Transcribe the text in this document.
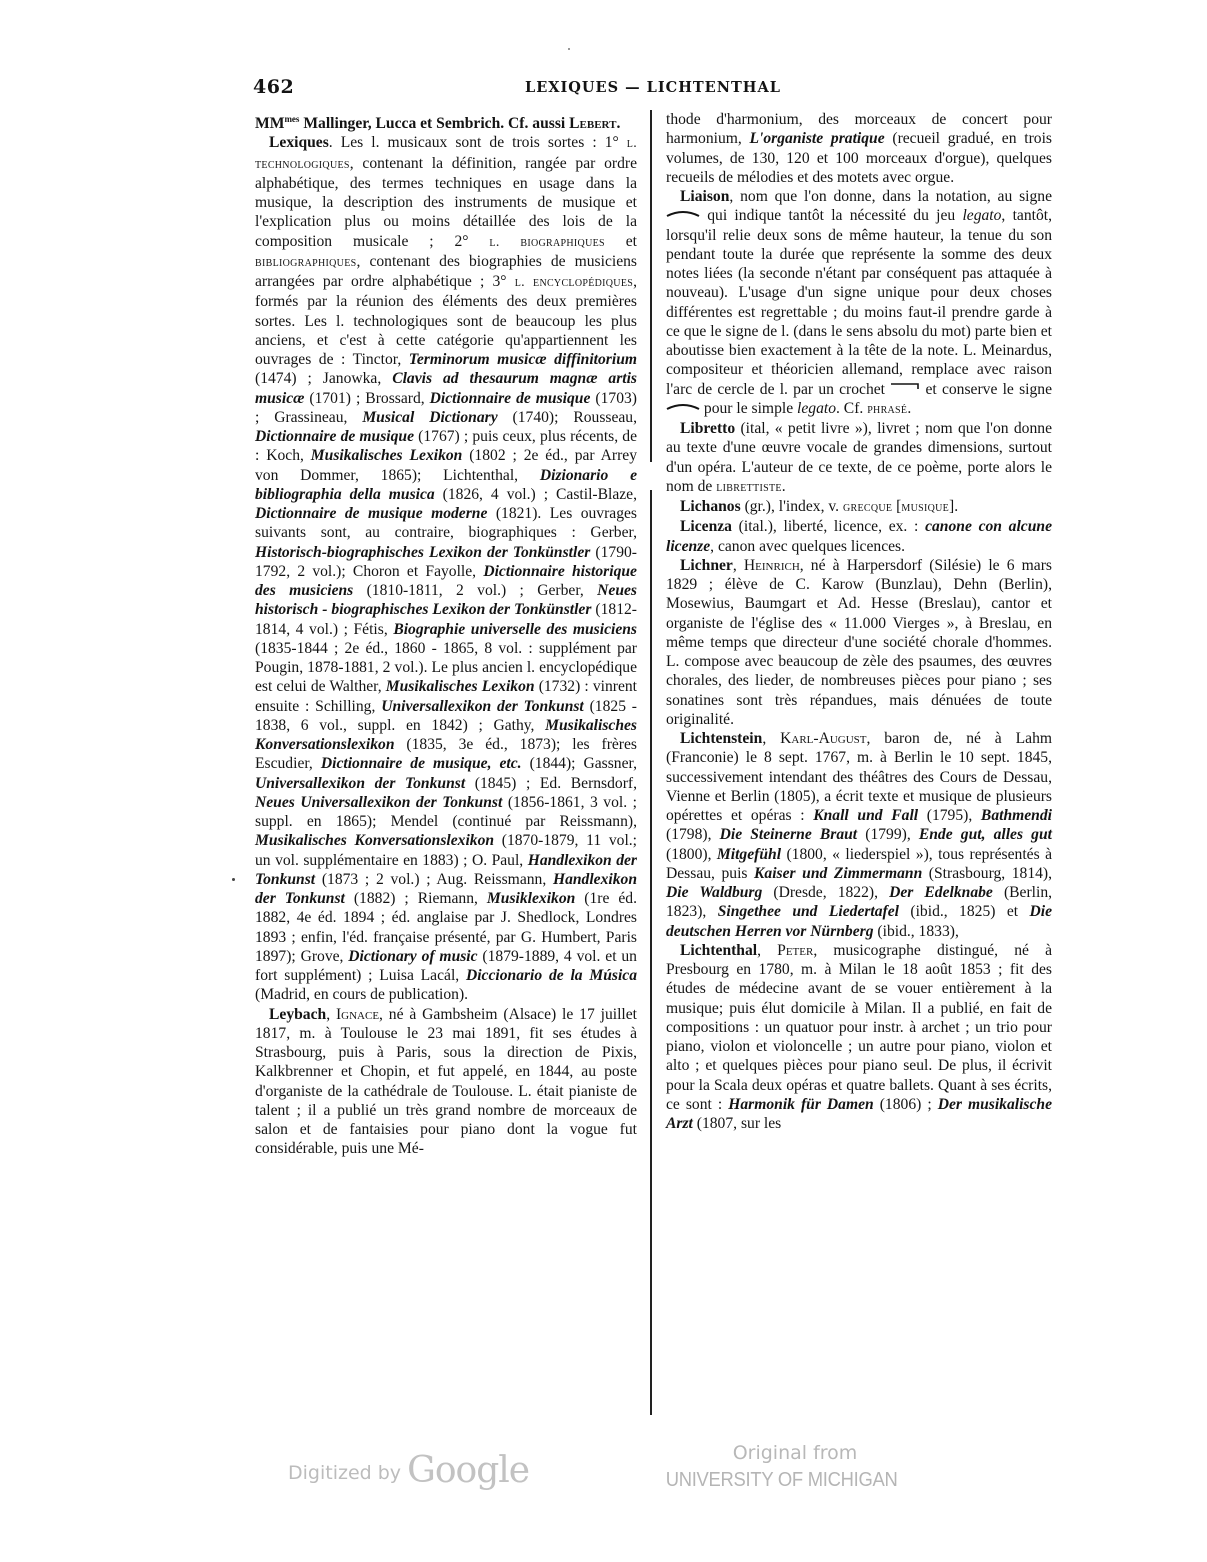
462	LEXIQUES — LICHTENTHAL

$MM^{mes}$ Mallinger, Lucca et Sembrich. Cf. aussi Lebert.

Lexiques. Les l. musicaux sont de trois sortes : 1° l. technologiques, contenant la définition, rangée par ordre alphabétique, des termes techniques en usage dans la musique, la description des instruments de musique et l'explication plus ou moins détaillée des lois de la composition musicale ; 2° l. biographiques et bibliographiques, contenant des biographies de musiciens arrangées par ordre alphabétique ; 3° l. encyclopédiques, formés par la réunion des éléments des deux premières sortes. Les l. technologiques sont de beaucoup les plus anciens, et c'est à cette catégorie qu'appartiennent les ouvrages de : Tinctor, Terminorum musicæ diffinitorium (1474) ; Janowka, Clavis ad thesaurum magnæ artis musicæ (1701) ; Brossard, Dictionnaire de musique (1703) ; Grassineau, Musical Dictionary (1740); Rousseau, Dictionnaire de musique (1767) ; puis ceux, plus récents, de : Koch, Musikalisches Lexikon (1802 ; 2e éd., par Arrey von Dommer, 1865); Lichtenthal, Dizionario e bibliographia della musica (1826, 4 vol.) ; Castil-Blaze, Dictionnaire de musique moderne (1821). Les ouvrages suivants sont, au contraire, biographiques : Gerber, Historisch-biographisches Lexikon der Tonkünstler (1790-1792, 2 vol.); Choron et Fayolle, Dictionnaire historique des musiciens (1810-1811, 2 vol.) ; Gerber, Neues historisch - biographisches Lexikon der Tonkünstler (1812-1814, 4 vol.) ; Fétis, Biographie universelle des musiciens (1835-1844 ; 2e éd., 1860 - 1865, 8 vol. : supplément par Pougin, 1878-1881, 2 vol.). Le plus ancien l. encyclopédique est celui de Walther, Musikalisches Lexikon (1732) : vinrent ensuite : Schilling, Universallexikon der Tonkunst (1825 - 1838, 6 vol., suppl. en 1842) ; Gathy, Musikalisches Konversationslexikon (1835, 3e éd., 1873); les frères Escudier, Dictionnaire de musique, etc. (1844); Gassner, Universallexikon der Tonkunst (1845) ; Ed. Bernsdorf, Neues Universallexikon der Tonkunst (1856-1861, 3 vol. ; suppl. en 1865); Mendel (continué par Reissmann), Musikalisches Konversationslexikon (1870-1879, 11 vol.; un vol. supplémentaire en 1883) ; O. Paul, Handlexikon der Tonkunst (1873 ; 2 vol.) ; Aug. Reissmann, Handlexikon der Tonkunst (1882) ; Riemann, Musiklexikon (1re éd. 1882, 4e éd. 1894 ; éd. anglaise par J. Shedlock, Londres 1893 ; enfin, l'éd. française présenté, par G. Humbert, Paris 1897); Grove, Dictionary of music (1879-1889, 4 vol. et un fort supplément) ; Luisa Lacál, Diccionario de la Música (Madrid, en cours de publication).

Leybach, Ignace, né à Gambsheim (Alsace) le 17 juillet 1817, m. à Toulouse le 23 mai 1891, fit ses études à Strasbourg, puis à Paris, sous la direction de Pixis, Kalkbrenner et Chopin, et fut appelé, en 1844, au poste d'organiste de la cathédrale de Toulouse. L. était pianiste de talent ; il a publié un très grand nombre de morceaux de salon et de fantaisies pour piano dont la vogue fut considérable, puis une Mé-

thode d'harmonium, des morceaux de concert pour harmonium, L'organiste pratique (recueil gradué, en trois volumes, de 130, 120 et 100 morceaux d'orgue), quelques recueils de mélodies et des motets avec orgue.

Liaison, nom que l'on donne, dans la notation, au signe  qui indique tantôt la nécessité du jeu legato, tantôt, lorsqu'il relie deux sons de même hauteur, la tenue du son pendant toute la durée que représente la somme des deux notes liées (la seconde n'étant par conséquent pas attaquée à nouveau). L'usage d'un signe unique pour deux choses différentes est regrettable ; du moins faut-il prendre garde à ce que le signe de l. (dans le sens absolu du mot) parte bien et aboutisse bien exactement à la tête de la note. L. Meinardus, compositeur et théoricien allemand, remplace avec raison l'arc de cercle de l. par un crochet  et conserve le signe  pour le simple legato. Cf. phrasé.

Libretto (ital, « petit livre »), livret ; nom que l'on donne au texte d'une œuvre vocale de grandes dimensions, surtout d'un opéra. L'auteur de ce texte, de ce poème, porte alors le nom de librettiste.

Lichanos (gr.), l'index, v. grecque [musique].

Licenza (ital.), liberté, licence, ex. : canone con alcune licenze, canon avec quelques licences.

Lichner, Heinrich, né à Harpersdorf (Silésie) le 6 mars 1829 ; élève de C. Karow (Bunzlau), Dehn (Berlin), Mosewius, Baumgart et Ad. Hesse (Breslau), cantor et organiste de l'église des « 11.000 Vierges », à Breslau, en même temps que directeur d'une société chorale d'hommes. L. compose avec beaucoup de zèle des psaumes, des œuvres chorales, des lieder, de nombreuses pièces pour piano ; ses sonatines sont très répandues, mais dénuées de toute originalité.

Lichtenstein, Karl-August, baron de, né à Lahm (Franconie) le 8 sept. 1767, m. à Berlin le 10 sept. 1845, successivement intendant des théâtres des Cours de Dessau, Vienne et Berlin (1805), a écrit texte et musique de plusieurs opérettes et opéras : Knall und Fall (1795), Bathmendi (1798), Die Steinerne Braut (1799), Ende gut, alles gut (1800), Mitgefühl (1800, « liederspiel »), tous représentés à Dessau, puis Kaiser und Zimmermann (Strasbourg, 1814), Die Waldburg (Dresde, 1822), Der Edelknabe (Berlin, 1823), Singethee und Liedertafel (ibid., 1825) et Die deutschen Herren vor Nürnberg (ibid., 1833),

Lichtenthal, Peter, musicographe distingué, né à Presbourg en 1780, m. à Milan le 18 août 1853 ; fit des études de médecine avant de se vouer entièrement à la musique; puis élut domicile à Milan. Il a publié, en fait de compositions : un quatuor pour instr. à archet ; un trio pour piano, violon et violoncelle ; un autre pour piano, violon et alto ; et quelques pièces pour piano seul. De plus, il écrivit pour la Scala deux opéras et quatre ballets. Quant à ses écrits, ce sont : Harmonik für Damen (1806) ; Der musikalische Arzt (1807, sur les

Digitized by Google	Original from
UNIVERSITY OF MICHIGAN
